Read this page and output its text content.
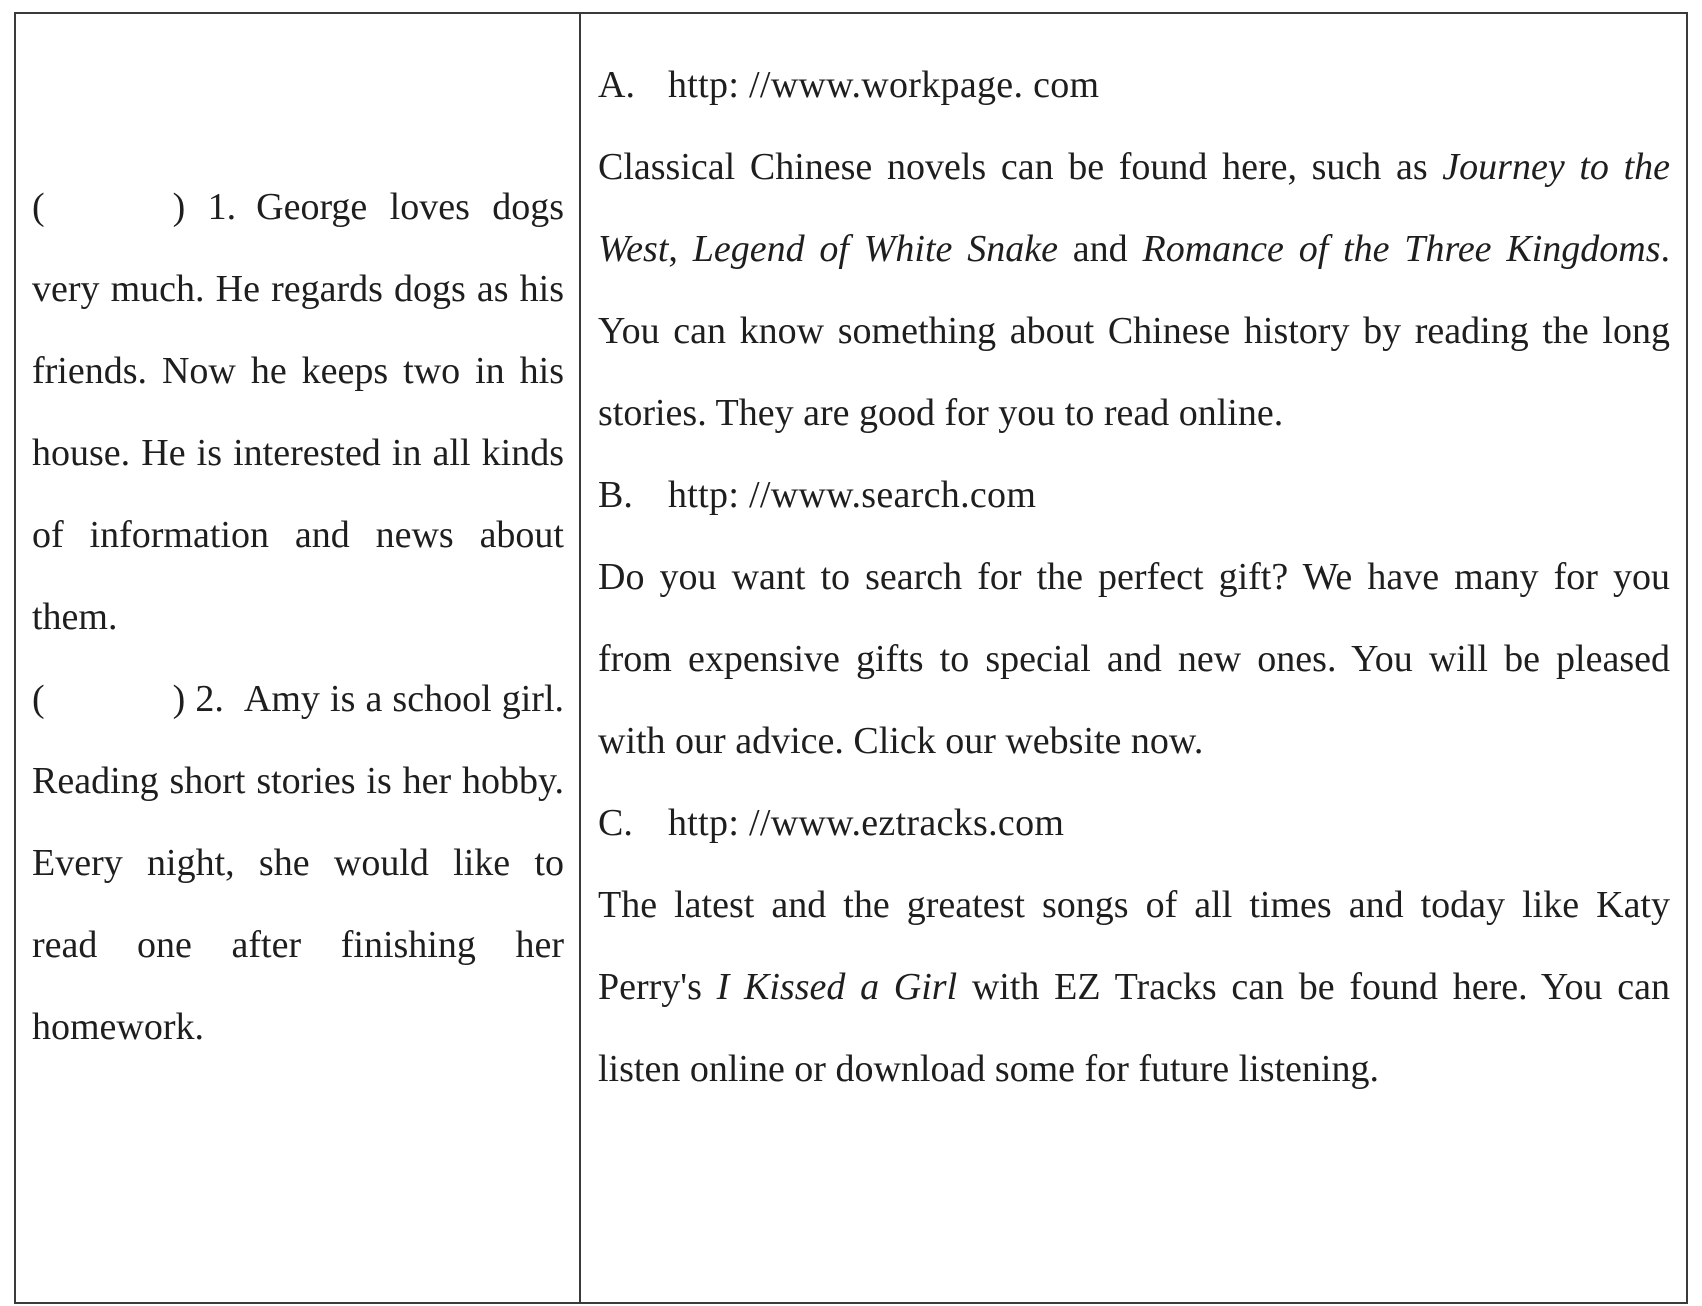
(	) 1. George loves dogs very much. He regards dogs as his friends. Now he keeps two in his house. He is interested in all kinds of information and news about them.

(	) 2. Amy is a school girl. Reading short stories is her hobby. Every night, she would like to read one after finishing her homework.

A. http: //www.workpage. com

Classical Chinese novels can be found here, such as Journey to the West, Legend of White Snake and Romance of the Three Kingdoms. You can know something about Chinese history by reading the long stories. They are good for you to read online.

B. http: //www.search.com

Do you want to search for the perfect gift? We have many for you from expensive gifts to special and new ones. You will be pleased with our advice. Click our website now.

C. http: //www.eztracks.com

The latest and the greatest songs of all times and today like Katy Perry's I Kissed a Girl with EZ Tracks can be found here. You can listen online or download some for future listening.
